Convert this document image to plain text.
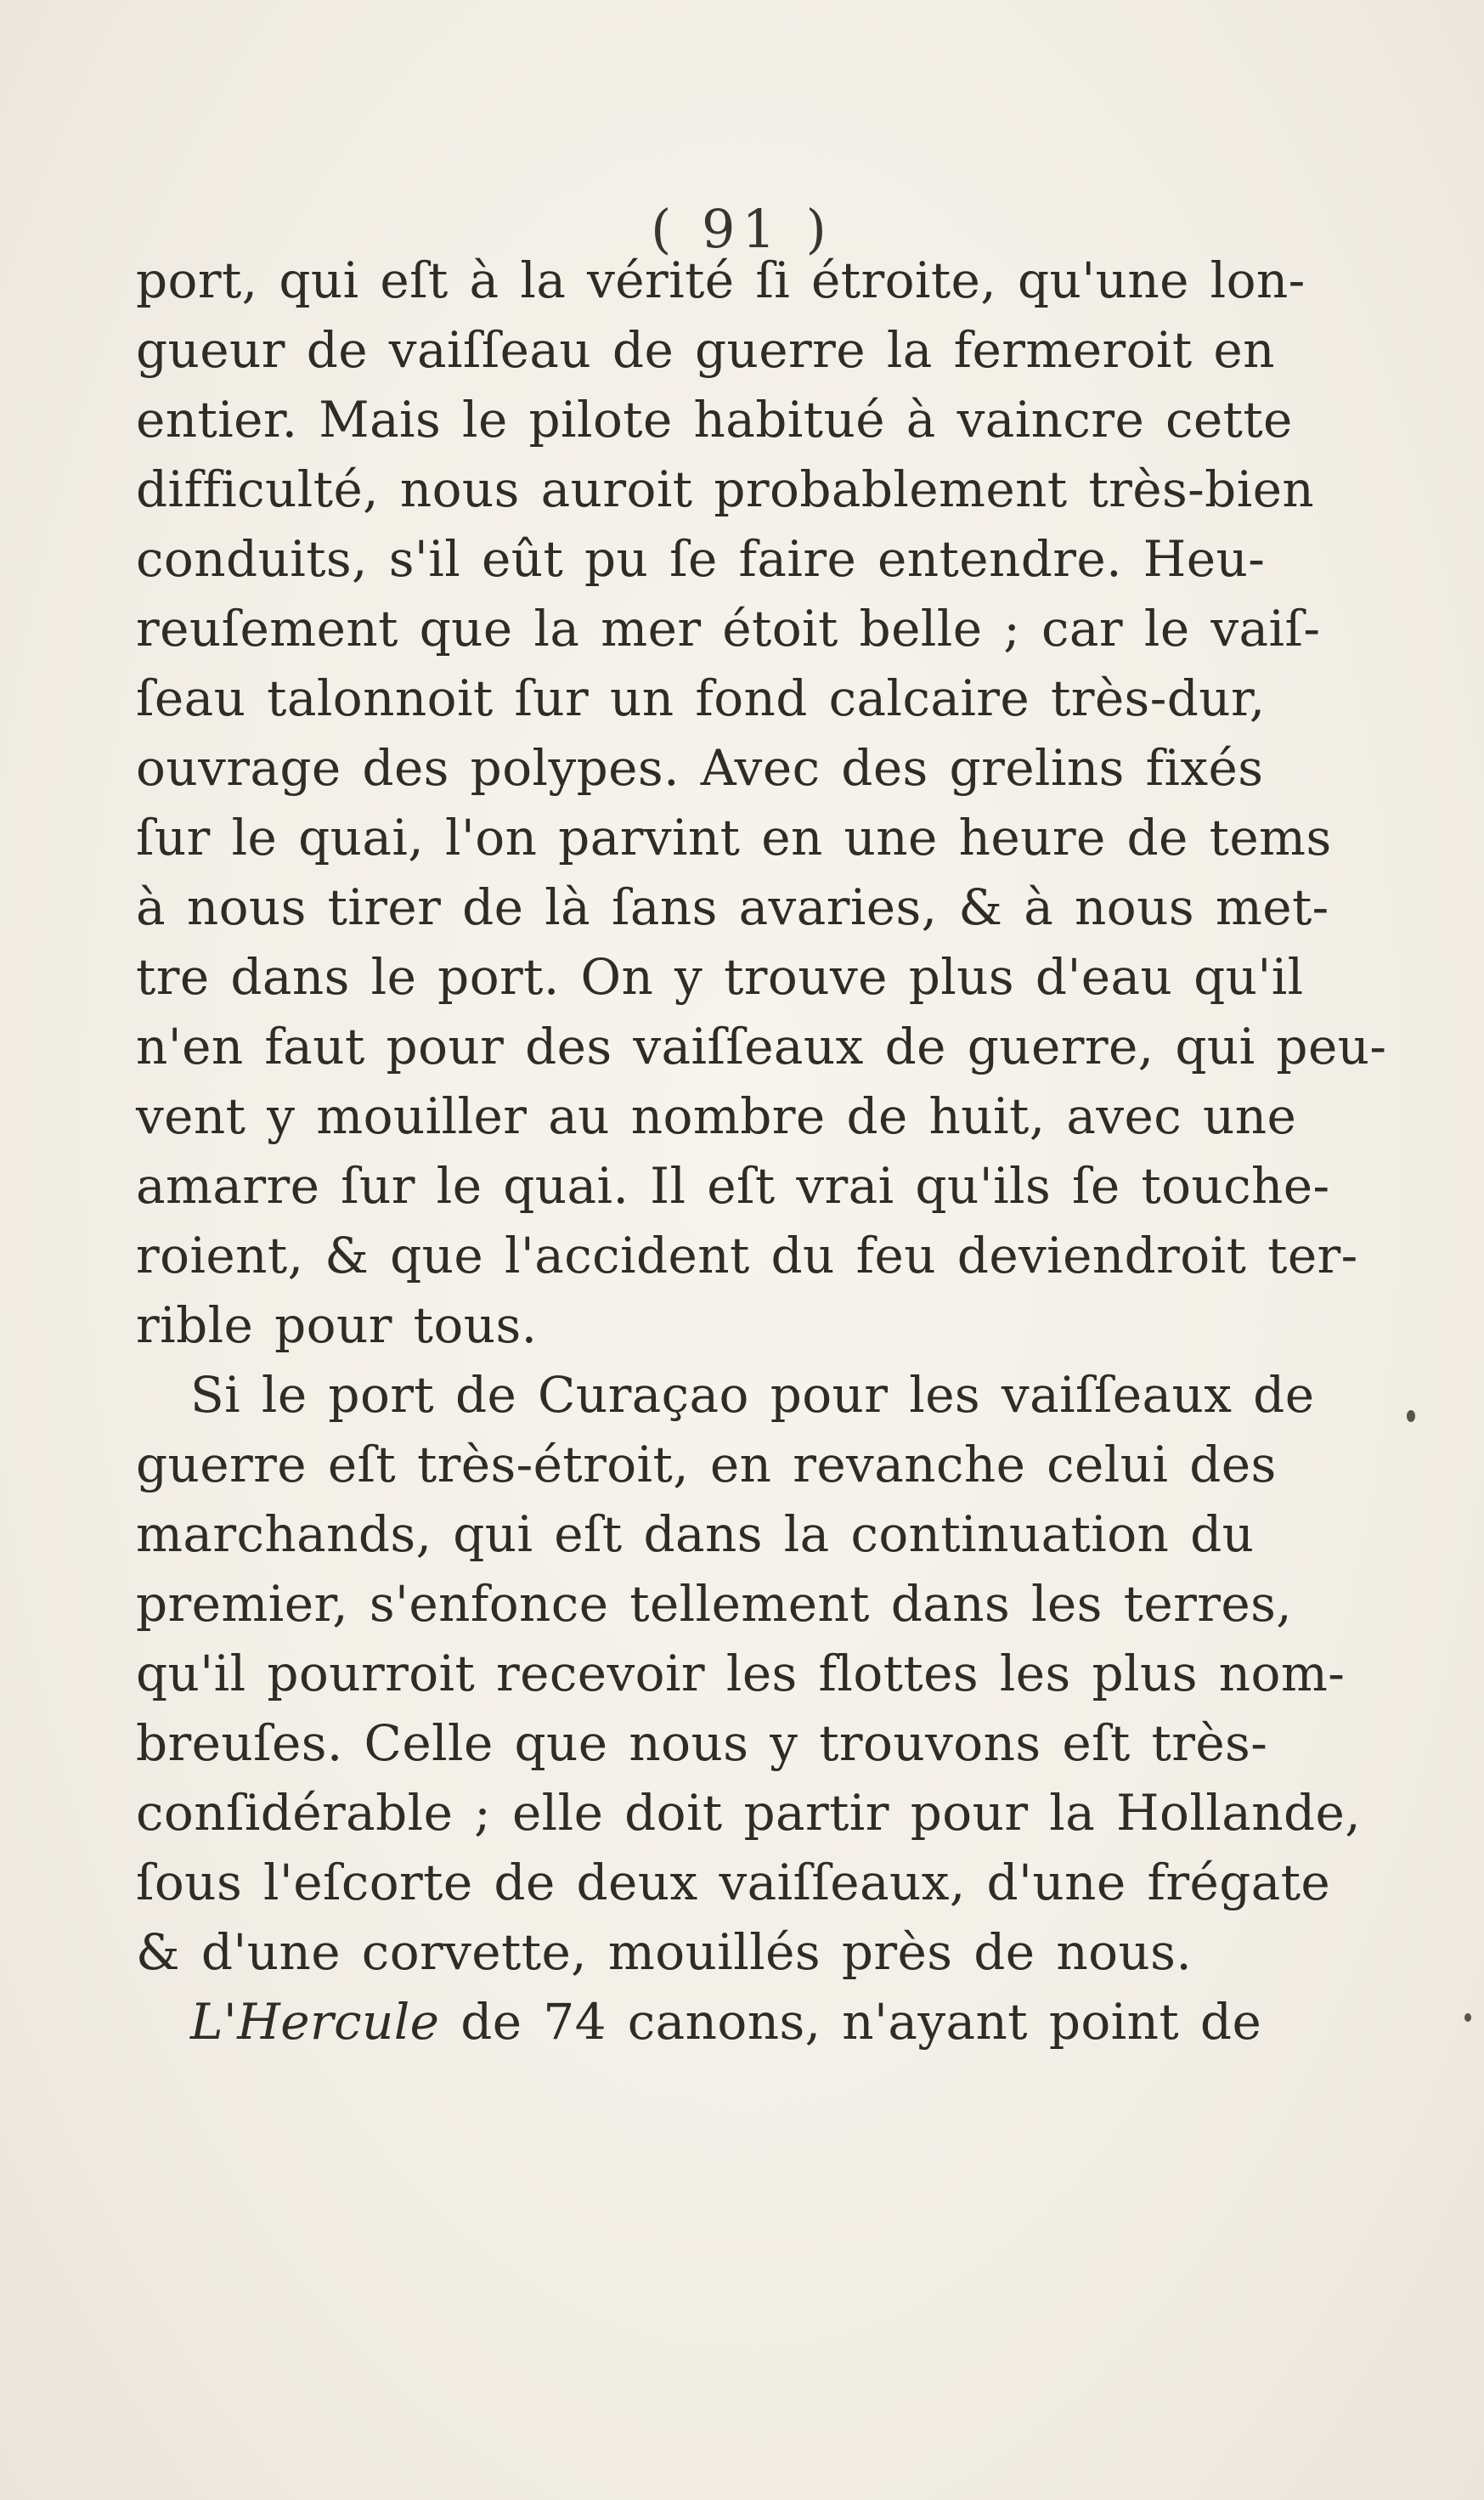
( 91 )
port, qui eſt à la vérité ſi étroite, qu'une lon-
gueur de vaiſſeau de guerre la fermeroit en
entier. Mais le pilote habitué à vaincre cette
difficulté, nous auroit probablement très-bien
conduits, s'il eût pu ſe faire entendre. Heu-
reuſement que la mer étoit belle ; car le vaiſ-
ſeau talonnoit ſur un fond calcaire très-dur,
ouvrage des polypes. Avec des grelins fixés
ſur le quai, l'on parvint en une heure de tems
à nous tirer de là ſans avaries, & à nous met-
tre dans le port. On y trouve plus d'eau qu'il
n'en faut pour des vaiſſeaux de guerre, qui peu-
vent y mouiller au nombre de huit, avec une
amarre ſur le quai. Il eſt vrai qu'ils ſe touche-
roient, & que l'accident du feu deviendroit ter-
rible pour tous.
Si le port de Curaçao pour les vaiſſeaux de
guerre eſt très-étroit, en revanche celui des
marchands, qui eſt dans la continuation du
premier, s'enfonce tellement dans les terres,
qu'il pourroit recevoir les flottes les plus nom-
breuſes. Celle que nous y trouvons eſt très-
conſidérable ; elle doit partir pour la Hollande,
ſous l'eſcorte de deux vaiſſeaux, d'une frégate
& d'une corvette, mouillés près de nous.
L'Hercule de 74 canons, n'ayant point de
